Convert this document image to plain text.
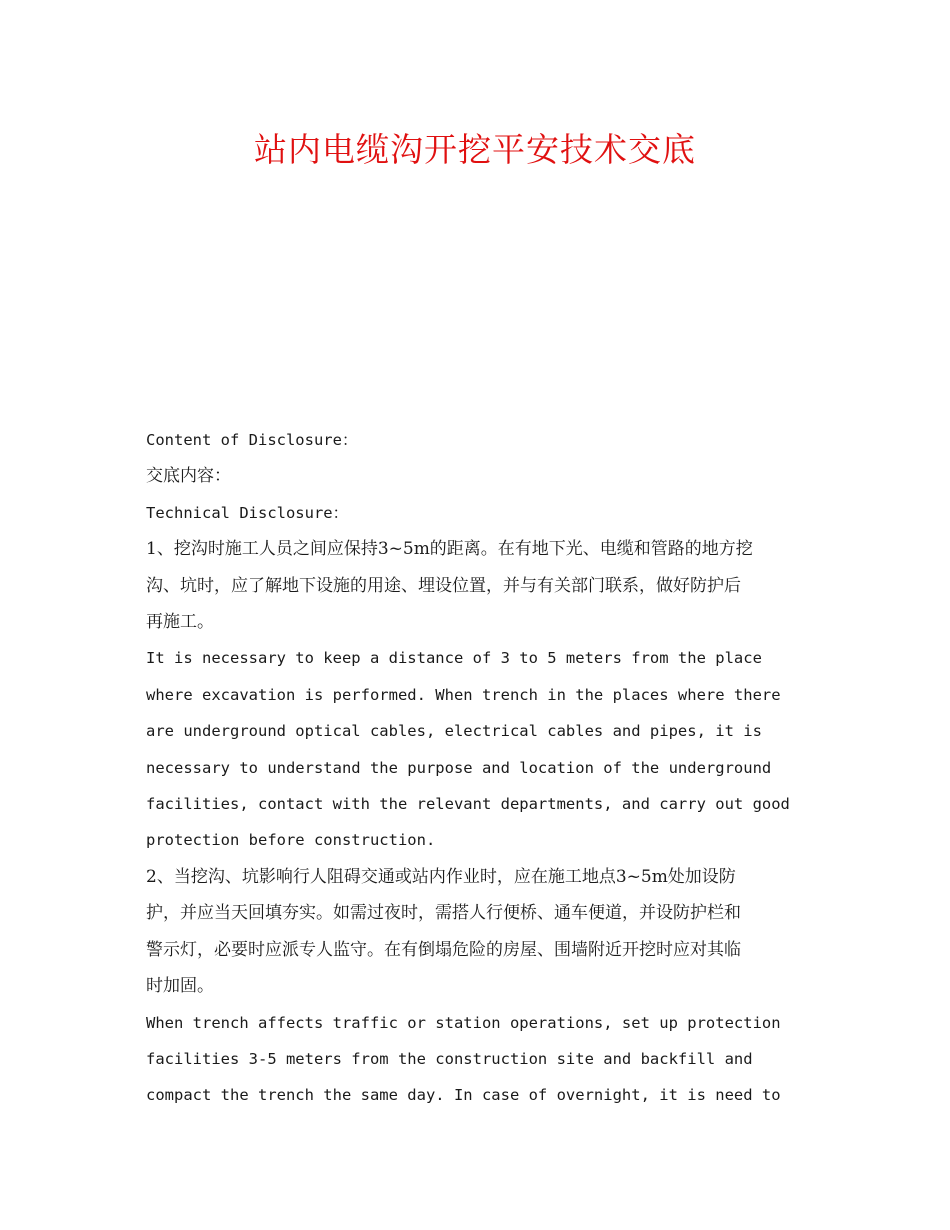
站内电缆沟开挖平安技术交底
Content of Disclosure：
交底内容：
Technical Disclosure：
1、挖沟时施工人员之间应保持3~5m的距离。在有地下光、电缆和管路的地方挖
沟、坑时，应了解地下设施的用途、埋设位置，并与有关部门联系，做好防护后
再施工。
It is necessary to keep a distance of 3 to 5 meters from the place
where excavation is performed. When trench in the places where there
are underground optical cables, electrical cables and pipes, it is
necessary to understand the purpose and location of the underground
facilities, contact with the relevant departments, and carry out good
protection before construction.
2、当挖沟、坑影响行人阻碍交通或站内作业时，应在施工地点3~5m处加设防
护，并应当天回填夯实。如需过夜时，需搭人行便桥、通车便道，并设防护栏和
警示灯，必要时应派专人监守。在有倒塌危险的房屋、围墙附近开挖时应对其临
时加固。
When trench affects traffic or station operations, set up protection
facilities 3-5 meters from the construction site and backfill and
compact the trench the same day. In case of overnight, it is need to
